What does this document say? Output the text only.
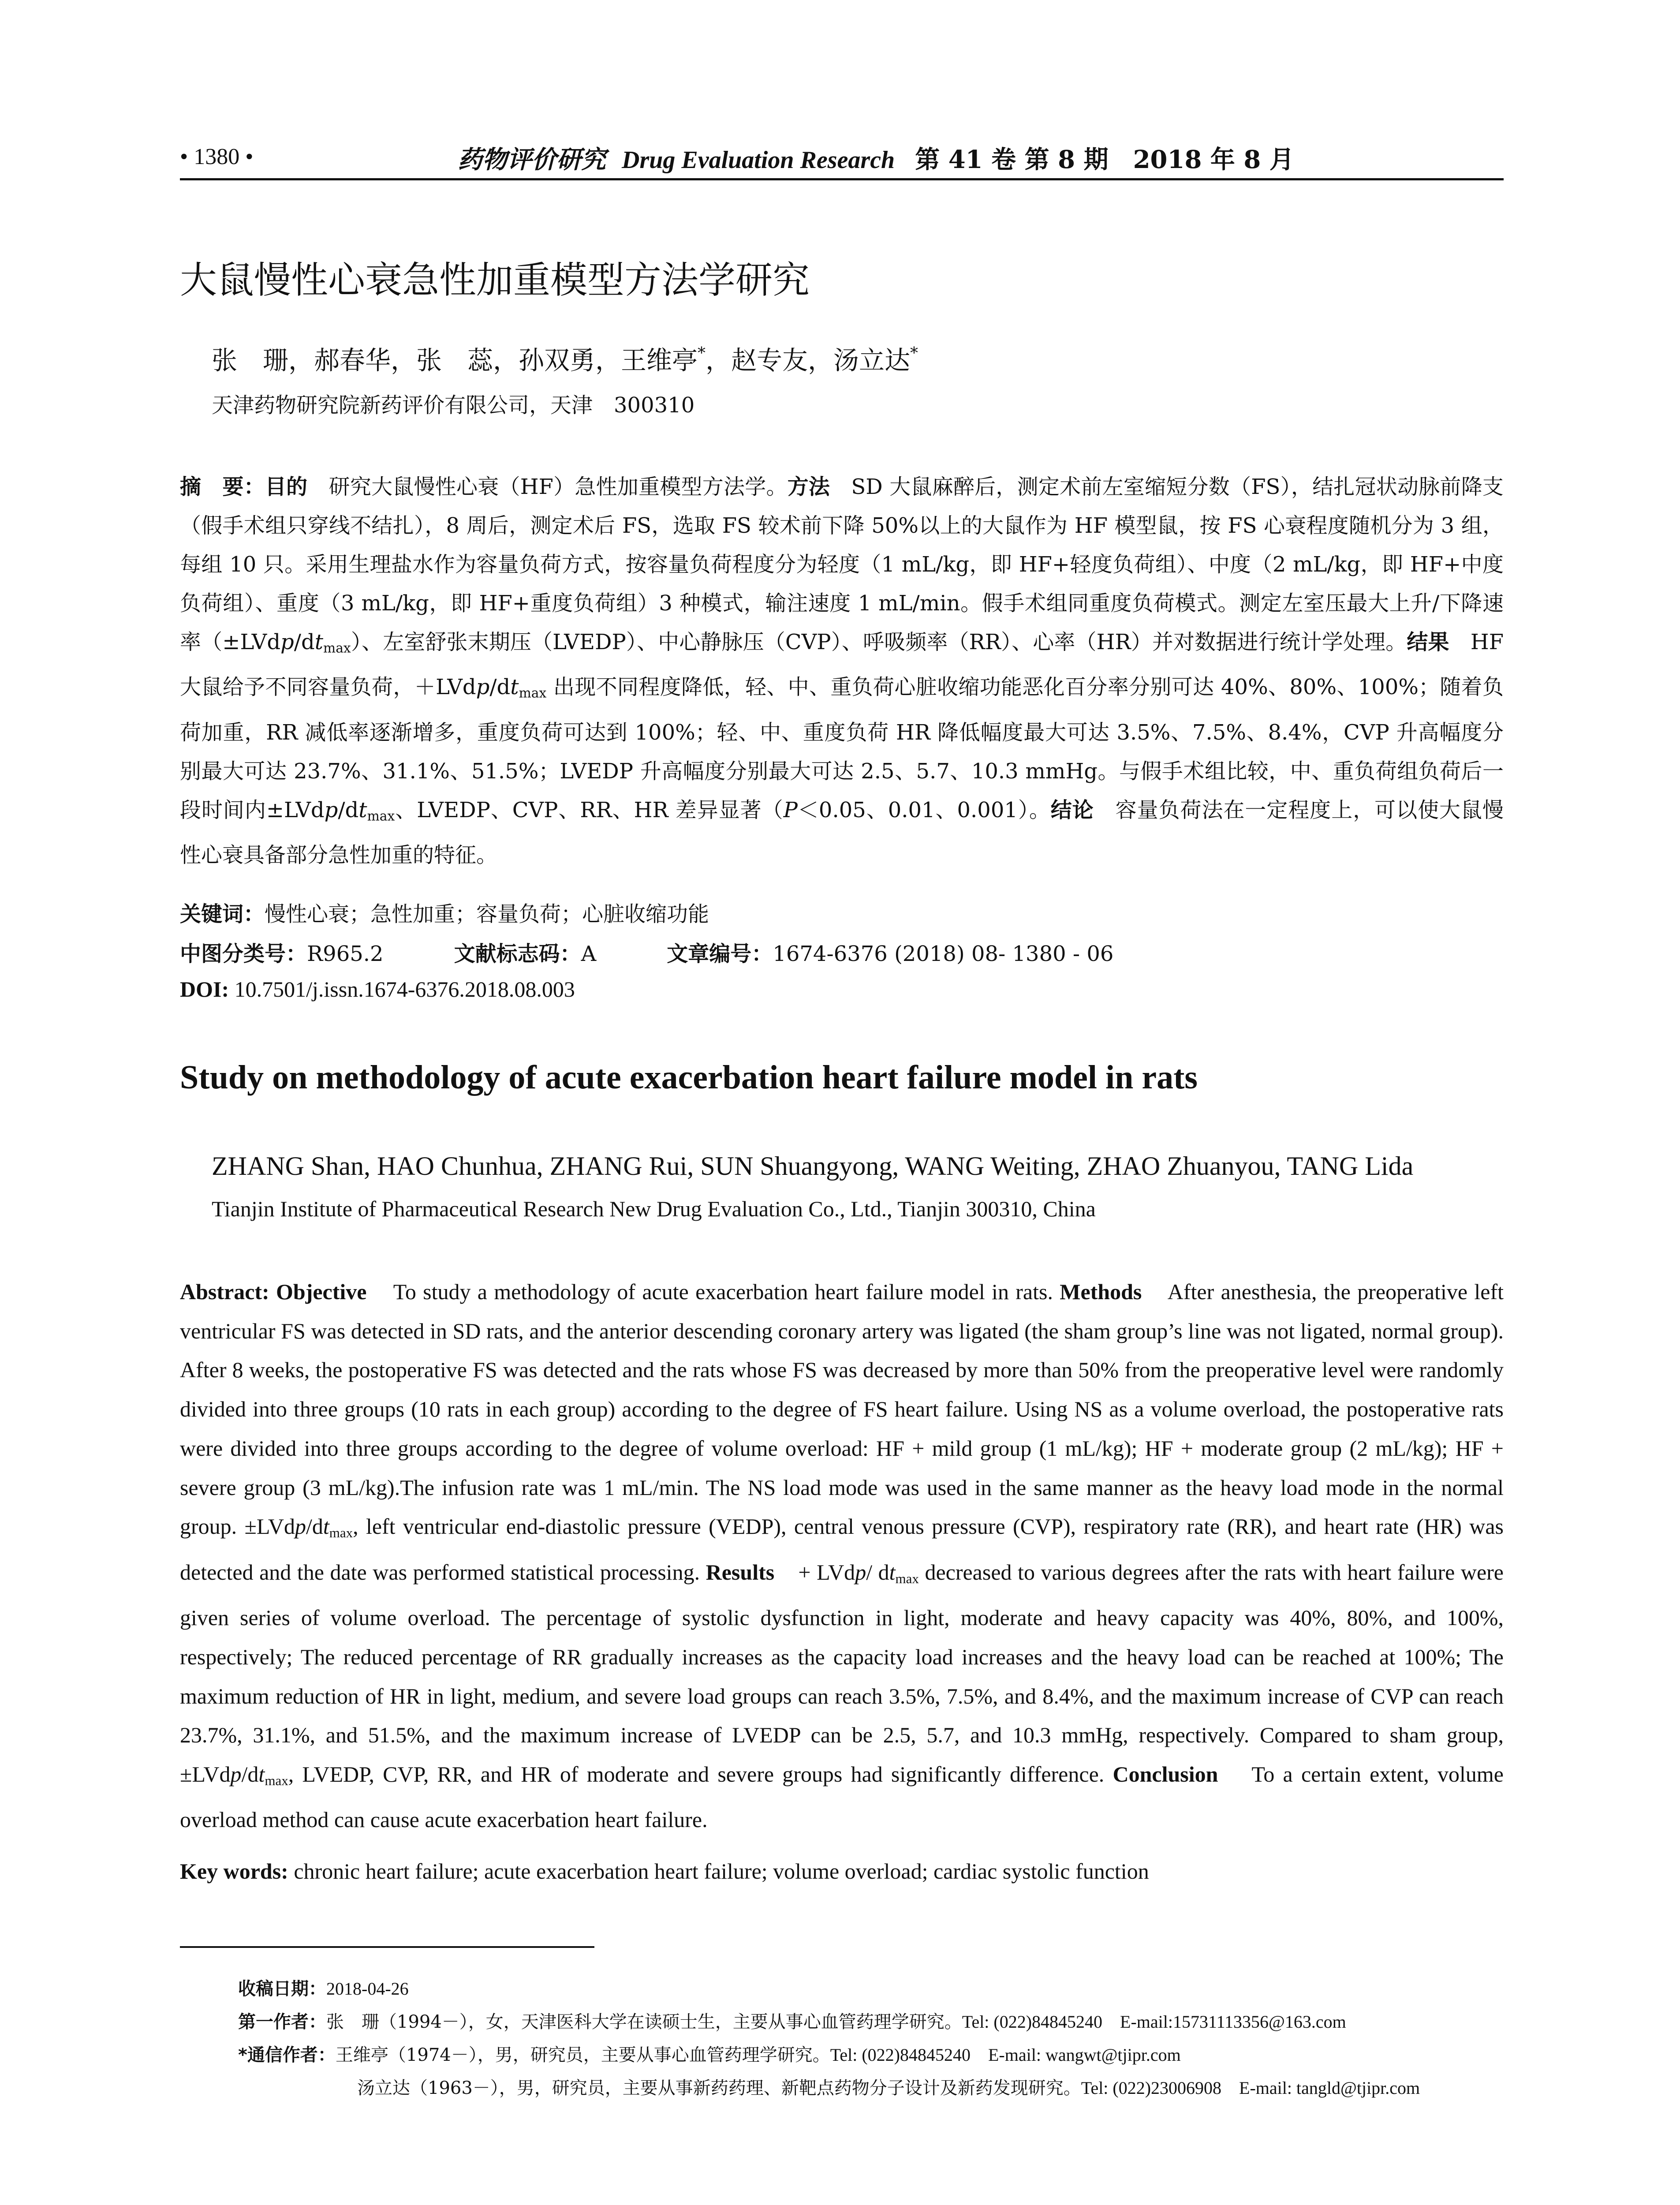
• 1380 •	药物评价研究 Drug Evaluation Research 第 41 卷 第 8 期　2018 年 8 月
大鼠慢性心衰急性加重模型方法学研究
张　珊，郝春华，张　蕊，孙双勇，王维亭*，赵专友，汤立达*
天津药物研究院新药评价有限公司，天津　300310
摘　要：目的　 研究大鼠慢性心衰（HF）急性加重模型方法学。方法　 SD 大鼠麻醉后，测定术前左室缩短分数（FS），结扎冠状动脉前降支（假手术组只穿线不结扎），8 周后，测定术后 FS，选取 FS 较术前下降 50%以上的大鼠作为 HF 模型鼠，按 FS 心衰程度随机分为 3 组，每组 10 只。采用生理盐水作为容量负荷方式，按容量负荷程度分为轻度（1 mL/kg，即 HF+轻度负荷组）、中度（2 mL/kg，即 HF+中度负荷组）、重度（3 mL/kg，即 HF+重度负荷组）3 种模式，输注速度 1 mL/min。假手术组同重度负荷模式。测定左室压最大上升/下降速率$(\pm LVdp/dt_{max})$、左室舒张末期压（LVEDP）、中心静脉压（CVP）、呼吸频率（RR）、心率（HR）并对数据进行统计学处理。结果　 HF 大鼠给予不同容量负荷，$+LVdp/dt_{max}$ 出现不同程度降低，轻、中、重负荷心脏收缩功能恶化百分率分别可达 40%、80%、100%；随着负荷加重，RR 减低率逐渐增多，重度负荷可达到 100%；轻、中、重度负荷 HR 降低幅度最大可达 3.5%、7.5%、8.4%，CVP 升高幅度分别最大可达 23.7%、31.1%、51.5%；LVEDP 升高幅度分别最大可达 2.5、5.7、10.3 mmHg。与假手术组比较，中、重负荷组负荷后一段时间内$\pm LVdp/dt_{max}$、LVEDP、CVP、RR、HR 差异显著（P＜0.05、0.01、0.001）。结论　 容量负荷法在一定程度上，可以使大鼠慢性心衰具备部分急性加重的特征。
关键词：慢性心衰；急性加重；容量负荷；心脏收缩功能
中图分类号：R965.2	文献标志码：A	文章编号：1674-6376 (2018) 08- 1380 - 06
DOI: 10.7501/j.issn.1674-6376.2018.08.003
Study on methodology of acute exacerbation heart failure model in rats
ZHANG Shan, HAO Chunhua, ZHANG Rui, SUN Shuangyong, WANG Weiting, ZHAO Zhuanyou, TANG Lida
Tianjin Institute of Pharmaceutical Research New Drug Evaluation Co., Ltd., Tianjin 300310, China
Abstract: Objective To study a methodology of acute exacerbation heart failure model in rats. Methods After anesthesia, the preoperative left ventricular FS was detected in SD rats, and the anterior descending coronary artery was ligated (the sham group’s line was not ligated, normal group). After 8 weeks, the postoperative FS was detected and the rats whose FS was decreased by more than 50% from the preoperative level were randomly divided into three groups (10 rats in each group) according to the degree of FS heart failure. Using NS as a volume overload, the postoperative rats were divided into three groups according to the degree of volume overload: HF + mild group (1 mL/kg); HF + moderate group (2 mL/kg); HF + severe group (3 mL/kg).The infusion rate was 1 mL/min. The NS load mode was used in the same manner as the heavy load mode in the normal group. $\pm LVdp/dt_{max}$, left ventricular end-diastolic pressure (VEDP), central venous pressure (CVP), respiratory rate (RR), and heart rate (HR) was detected and the date was performed statistical processing. Results + LVdp/ $dt_{max}$ decreased to various degrees after the rats with heart failure were given series of volume overload. The percentage of systolic dysfunction in light, moderate and heavy capacity was 40%, 80%, and 100%, respectively; The reduced percentage of RR gradually increases as the capacity load increases and the heavy load can be reached at 100%; The maximum reduction of HR in light, medium, and severe load groups can reach 3.5%, 7.5%, and 8.4%, and the maximum increase of CVP can reach 23.7%, 31.1%, and 51.5%, and the maximum increase of LVEDP can be 2.5, 5.7, and 10.3 mmHg, respectively. Compared to sham group, $\pm LVdp/dt_{max}$, LVEDP, CVP, RR, and HR of moderate and severe groups had significantly difference. Conclusion To a certain extent, volume overload method can cause acute exacerbation heart failure.
Key words: chronic heart failure; acute exacerbation heart failure; volume overload; cardiac systolic function
收稿日期：2018-04-26
第一作者：张　珊（1994－），女，天津医科大学在读硕士生，主要从事心血管药理学研究。Tel: (022)84845240　E-mail:15731113356@163.com
*通信作者：王维亭（1974－），男，研究员，主要从事心血管药理学研究。Tel: (022)84845240　E-mail: wangwt@tjipr.com
汤立达（1963－），男，研究员，主要从事新药药理、新靶点药物分子设计及新药发现研究。Tel: (022)23006908　E-mail: tangld@tjipr.com
